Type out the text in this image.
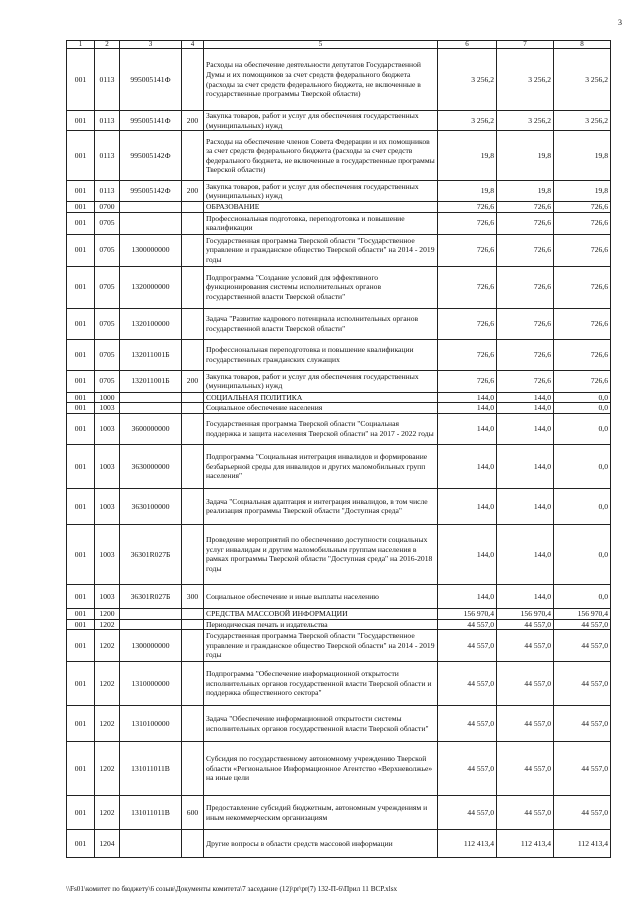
3
1	2	3	4	5	6	7	8
001	0113	995005141Ф		Расходы на обеспечение деятельности депутатов Государственной Думы и их помощников за счет средств федерального бюджета (расходы за счет средств федерального бюджета, не включенные в государственные программы Тверской области)	3 256,2	3 256,2	3 256,2
001	0113	995005141Ф	200	Закупка товаров, работ и услуг для обеспечения государственных (муниципальных) нужд	3 256,2	3 256,2	3 256,2
001	0113	995005142Ф		Расходы на обеспечение членов Совета Федерации и их помощников за счет средств федерального бюджета (расходы за счет средств федерального бюджета, не включенные в государственные программы Тверской области)	19,8	19,8	19,8
001	0113	995005142Ф	200	Закупка товаров, работ и услуг для обеспечения государственных (муниципальных) нужд	19,8	19,8	19,8
001	0700			ОБРАЗОВАНИЕ	726,6	726,6	726,6
001	0705			Профессиональная подготовка, переподготовка и повышение квалификации	726,6	726,6	726,6
001	0705	1300000000		Государственная программа Тверской области "Государственное управление и гражданское общество Тверской области" на 2014 - 2019 годы	726,6	726,6	726,6
001	0705	1320000000		Подпрограмма "Создание условий для эффективного функционирования системы исполнительных органов государственной власти Тверской области"	726,6	726,6	726,6
001	0705	1320100000		Задача "Развитие кадрового потенциала исполнительных органов государственной власти Тверской области"	726,6	726,6	726,6
001	0705	132011001Б		Профессиональная переподготовка и повышение квалификации государственных гражданских служащих	726,6	726,6	726,6
001	0705	132011001Б	200	Закупка товаров, работ и услуг для обеспечения государственных (муниципальных) нужд	726,6	726,6	726,6
001	1000			СОЦИАЛЬНАЯ ПОЛИТИКА	144,0	144,0	0,0
001	1003			Социальное обеспечение населения	144,0	144,0	0,0
001	1003	3600000000		Государственная программа Тверской области "Социальная поддержка и защита населения Тверской области" на 2017 - 2022 годы	144,0	144,0	0,0
001	1003	3630000000		Подпрограмма "Социальная интеграция инвалидов и формирование безбарьерной среды для инвалидов и других маломобильных групп населения"	144,0	144,0	0,0
001	1003	3630100000		Задача "Социальная адаптация и интеграция инвалидов, в том числе реализация программы Тверской области "Доступная среда"	144,0	144,0	0,0
001	1003	36301R027Б		Проведение мероприятий по обеспечению доступности социальных услуг инвалидам и другим маломобильным группам населения в рамках программы Тверской области "Доступная среда" на 2016-2018 годы	144,0	144,0	0,0
001	1003	36301R027Б	300	Социальное обеспечение и иные выплаты населению	144,0	144,0	0,0
001	1200			СРЕДСТВА МАССОВОЙ ИНФОРМАЦИИ	156 970,4	156 970,4	156 970,4
001	1202			Периодическая печать и издательства	44 557,0	44 557,0	44 557,0
001	1202	1300000000		Государственная программа Тверской области "Государственное управление и гражданское общество Тверской области" на 2014 - 2019 годы	44 557,0	44 557,0	44 557,0
001	1202	1310000000		Подпрограмма "Обеспечение информационной открытости исполнительных органов государственной власти Тверской области и поддержка общественного сектора"	44 557,0	44 557,0	44 557,0
001	1202	1310100000		Задача "Обеспечение информационной открытости системы исполнительных органов государственной власти Тверской области"	44 557,0	44 557,0	44 557,0
001	1202	131011011В		Субсидия по государственному автономному учреждению Тверской области «Региональное Информационное Агентство «Верхневолжье» на иные цели	44 557,0	44 557,0	44 557,0
001	1202	131011011В	600	Предоставление субсидий бюджетным, автономным учреждениям и иным некоммерческим организациям	44 557,0	44 557,0	44 557,0
001	1204			Другие вопросы в области средств массовой информации	112 413,4	112 413,4	112 413,4
\\Fs01\комитет по бюджету\6 созыв\Документы комитета\7 заседание (12)\pr\pr(7) 132-П-6\Прил 11 ВСР.xlsx
